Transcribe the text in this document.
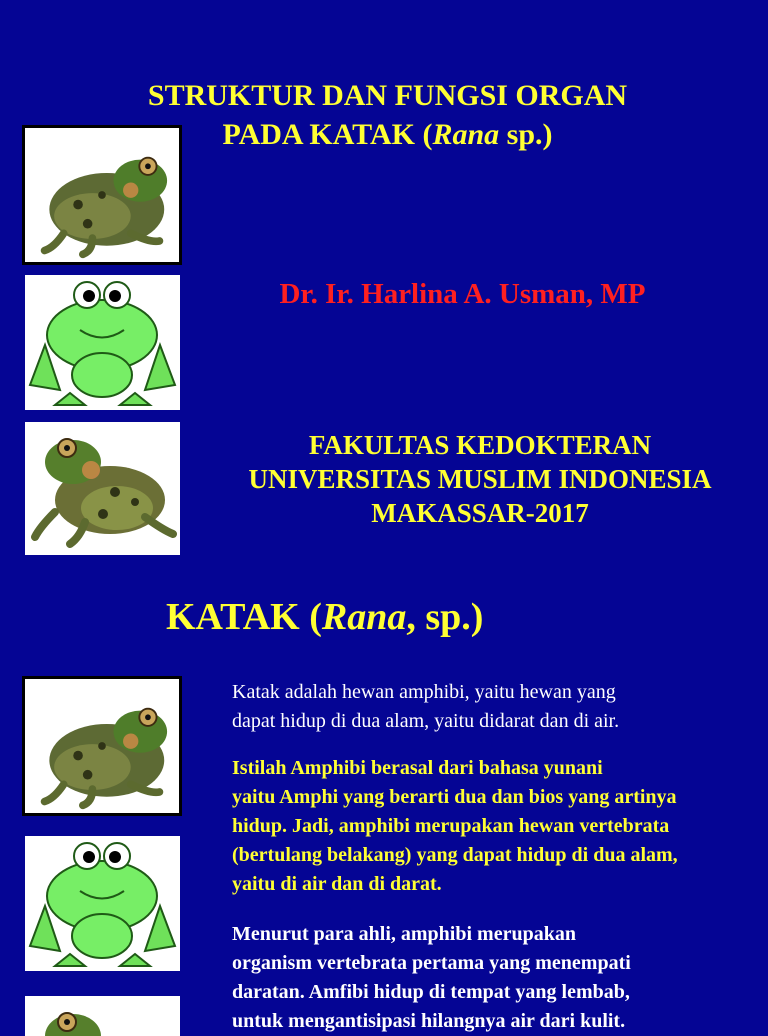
STRUKTUR DAN FUNGSI ORGAN
PADA KATAK (Rana sp.)
Dr. Ir. Harlina A. Usman, MP
FAKULTAS KEDOKTERAN
UNIVERSITAS MUSLIM INDONESIA
MAKASSAR-2017
KATAK (Rana, sp.)
Katak adalah hewan amphibi, yaitu hewan yang
dapat hidup di dua alam, yaitu didarat dan di air.
Istilah Amphibi berasal dari bahasa yunani
yaitu Amphi yang berarti dua dan bios yang artinya
hidup. Jadi, amphibi merupakan hewan vertebrata
(bertulang belakang) yang dapat hidup di dua alam,
yaitu di air dan di darat.
Menurut para ahli, amphibi merupakan
organism vertebrata pertama yang menempati
daratan. Amfibi hidup di tempat yang lembab,
untuk mengantisipasi hilangnya air dari kulit.
